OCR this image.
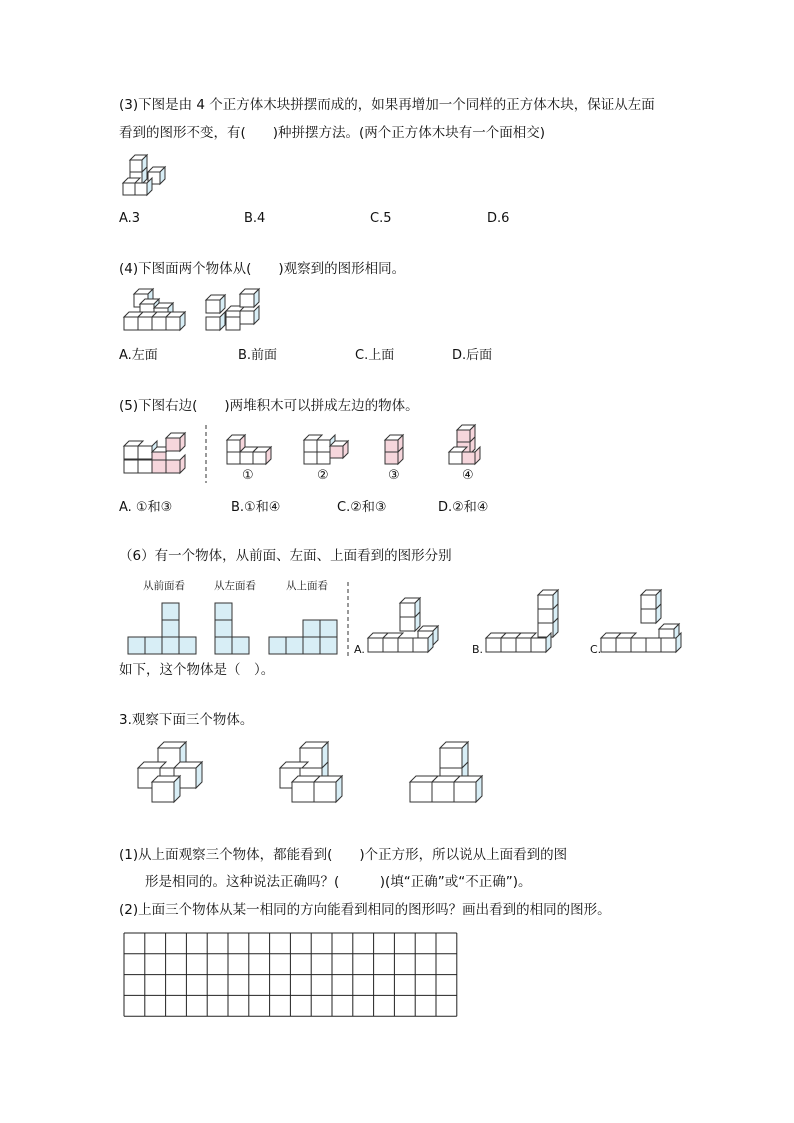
(3)下图是由 4 个正方体木块拼摆而成的，如果再增加一个同样的正方体木块，保证从左面
看到的图形不变，有(　　)种拼摆方法。(两个正方体木块有一个面相交)
A.3	B.4	C.5	D.6
(4)下图面两个物体从(　　)观察到的图形相同。
A.左面	B.前面	C.上面	D.后面
(5)下图右边(　　)两堆积木可以拼成左边的物体。
①	②	③	④
A. ①和③	B.①和④	C.②和③	D.②和④
（6）有一个物体，从前面、左面、上面看到的图形分别
从前面看	从左面看	从上面看
A.	B.	C.
如下，这个物体是（　）。
3.观察下面三个物体。
(1)从上面观察三个物体，都能看到(　　)个正方形，所以说从上面看到的图
形是相同的。这种说法正确吗？(　　　)(填“正确”或“不正确”)。
(2)上面三个物体从某一相同的方向能看到相同的图形吗？画出看到的相同的图形。
